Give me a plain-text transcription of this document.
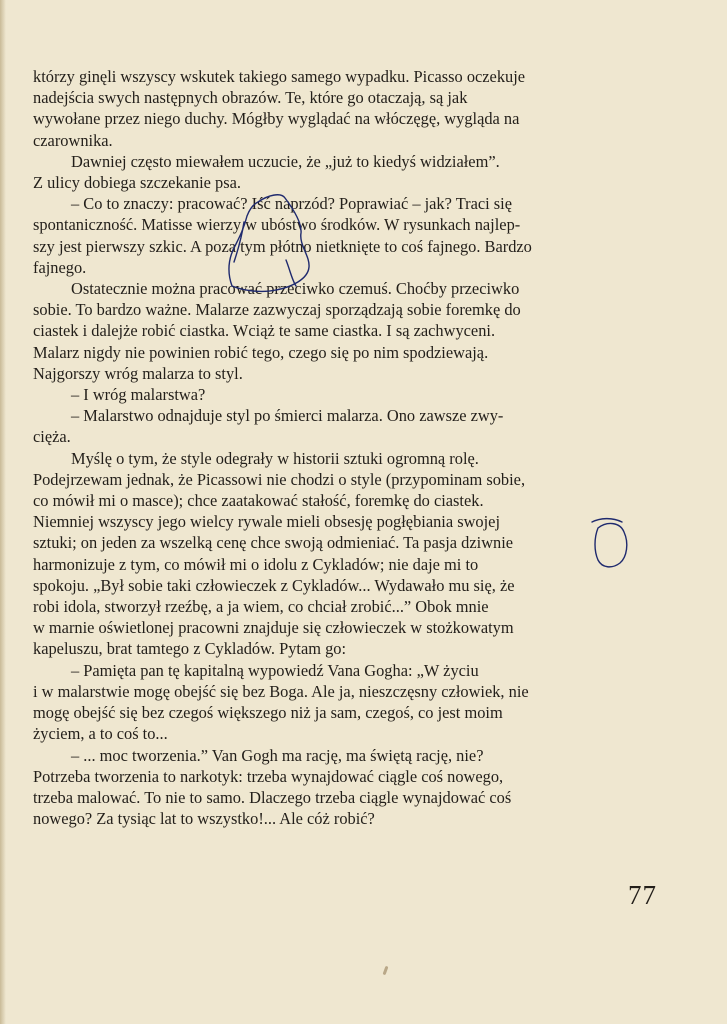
którzy ginęli wszyscy wskutek takiego samego wypadku. Picasso oczekuje
nadejścia swych następnych obrazów. Te, które go otaczają, są jak
wywołane przez niego duchy. Mógłby wyglądać na włóczęgę, wygląda na
czarownika.

Dawniej często miewałem uczucie, że „już to kiedyś widziałem”.
Z ulicy dobiega szczekanie psa.

– Co to znaczy: pracować? Iść naprzód? Poprawiać – jak? Traci się
spontaniczność. Matisse wierzy w ubóstwo środków. W rysunkach najlep-
szy jest pierwszy szkic. A poza tym płótno nietknięte to coś fajnego. Bardzo
fajnego.

Ostatecznie można pracować przeciwko czemuś. Choćby przeciwko
sobie. To bardzo ważne. Malarze zazwyczaj sporządzają sobie foremkę do
ciastek i dalejże robić ciastka. Wciąż te same ciastka. I są zachwyceni.
Malarz nigdy nie powinien robić tego, czego się po nim spodziewają.
Najgorszy wróg malarza to styl.

– I wróg malarstwa?

– Malarstwo odnajduje styl po śmierci malarza. Ono zawsze zwy-
cięża.

Myślę o tym, że style odegrały w historii sztuki ogromną rolę.
Podejrzewam jednak, że Picassowi nie chodzi o style (przypominam sobie,
co mówił mi o masce); chce zaatakować stałość, foremkę do ciastek.
Niemniej wszyscy jego wielcy rywale mieli obsesję pogłębiania swojej
sztuki; on jeden za wszelką cenę chce swoją odmieniać. Ta pasja dziwnie
harmonizuje z tym, co mówił mi o idolu z Cykladów; nie daje mi to
spokoju. „Był sobie taki człowieczek z Cykladów... Wydawało mu się, że
robi idola, stworzył rzeźbę, a ja wiem, co chciał zrobić...” Obok mnie
w marnie oświetlonej pracowni znajduje się człowieczek w stożkowatym
kapeluszu, brat tamtego z Cykladów. Pytam go:

– Pamięta pan tę kapitalną wypowiedź Vana Gogha: „W życiu
i w malarstwie mogę obejść się bez Boga. Ale ja, nieszczęsny człowiek, nie
mogę obejść się bez czegoś większego niż ja sam, czegoś, co jest moim
życiem, a to coś to...

– ... moc tworzenia.” Van Gogh ma rację, ma świętą rację, nie?
Potrzeba tworzenia to narkotyk: trzeba wynajdować ciągle coś nowego,
trzeba malować. To nie to samo. Dlaczego trzeba ciągle wynajdować coś
nowego? Za tysiąc lat to wszystko!... Ale cóż robić?

77
